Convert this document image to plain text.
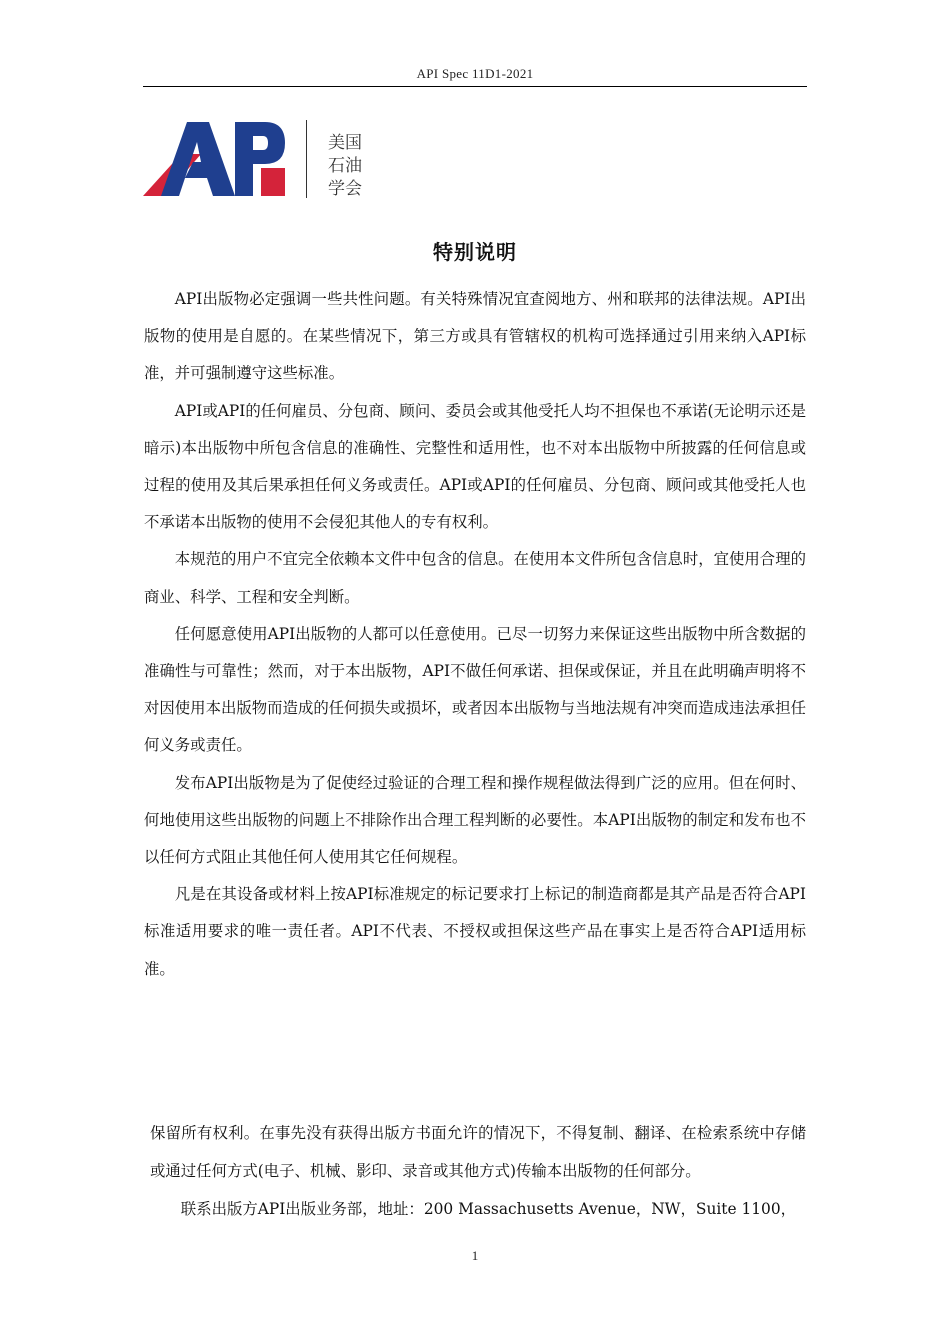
API Spec 11D1-2021
美国
石油
学会
特别说明

API出版物必定强调一些共性问题。有关特殊情况宜查阅地方、州和联邦的法律法规。API出版物的使用是自愿的。在某些情况下，第三方或具有管辖权的机构可选择通过引用来纳入API标准，并可强制遵守这些标准。

API或API的任何雇员、分包商、顾问、委员会或其他受托人均不担保也不承诺(无论明示还是暗示)本出版物中所包含信息的准确性、完整性和适用性，也不对本出版物中所披露的任何信息或过程的使用及其后果承担任何义务或责任。API或API的任何雇员、分包商、顾问或其他受托人也不承诺本出版物的使用不会侵犯其他人的专有权利。

本规范的用户不宜完全依赖本文件中包含的信息。在使用本文件所包含信息时，宜使用合理的商业、科学、工程和安全判断。

任何愿意使用API出版物的人都可以任意使用。已尽一切努力来保证这些出版物中所含数据的准确性与可靠性；然而，对于本出版物，API不做任何承诺、担保或保证，并且在此明确声明将不对因使用本出版物而造成的任何损失或损坏，或者因本出版物与当地法规有冲突而造成违法承担任何义务或责任。

发布API出版物是为了促使经过验证的合理工程和操作规程做法得到广泛的应用。但在何时、何地使用这些出版物的问题上不排除作出合理工程判断的必要性。本API出版物的制定和发布也不以任何方式阻止其他任何人使用其它任何规程。

凡是在其设备或材料上按API标准规定的标记要求打上标记的制造商都是其产品是否符合API标准适用要求的唯一责任者。API不代表、不授权或担保这些产品在事实上是否符合API适用标准。

保留所有权利。在事先没有获得出版方书面允许的情况下，不得复制、翻译、在检索系统中存储或通过任何方式(电子、机械、影印、录音或其他方式)传输本出版物的任何部分。

联系出版方API出版业务部，地址：200 Massachusetts Avenue，NW，Suite 1100，

1
